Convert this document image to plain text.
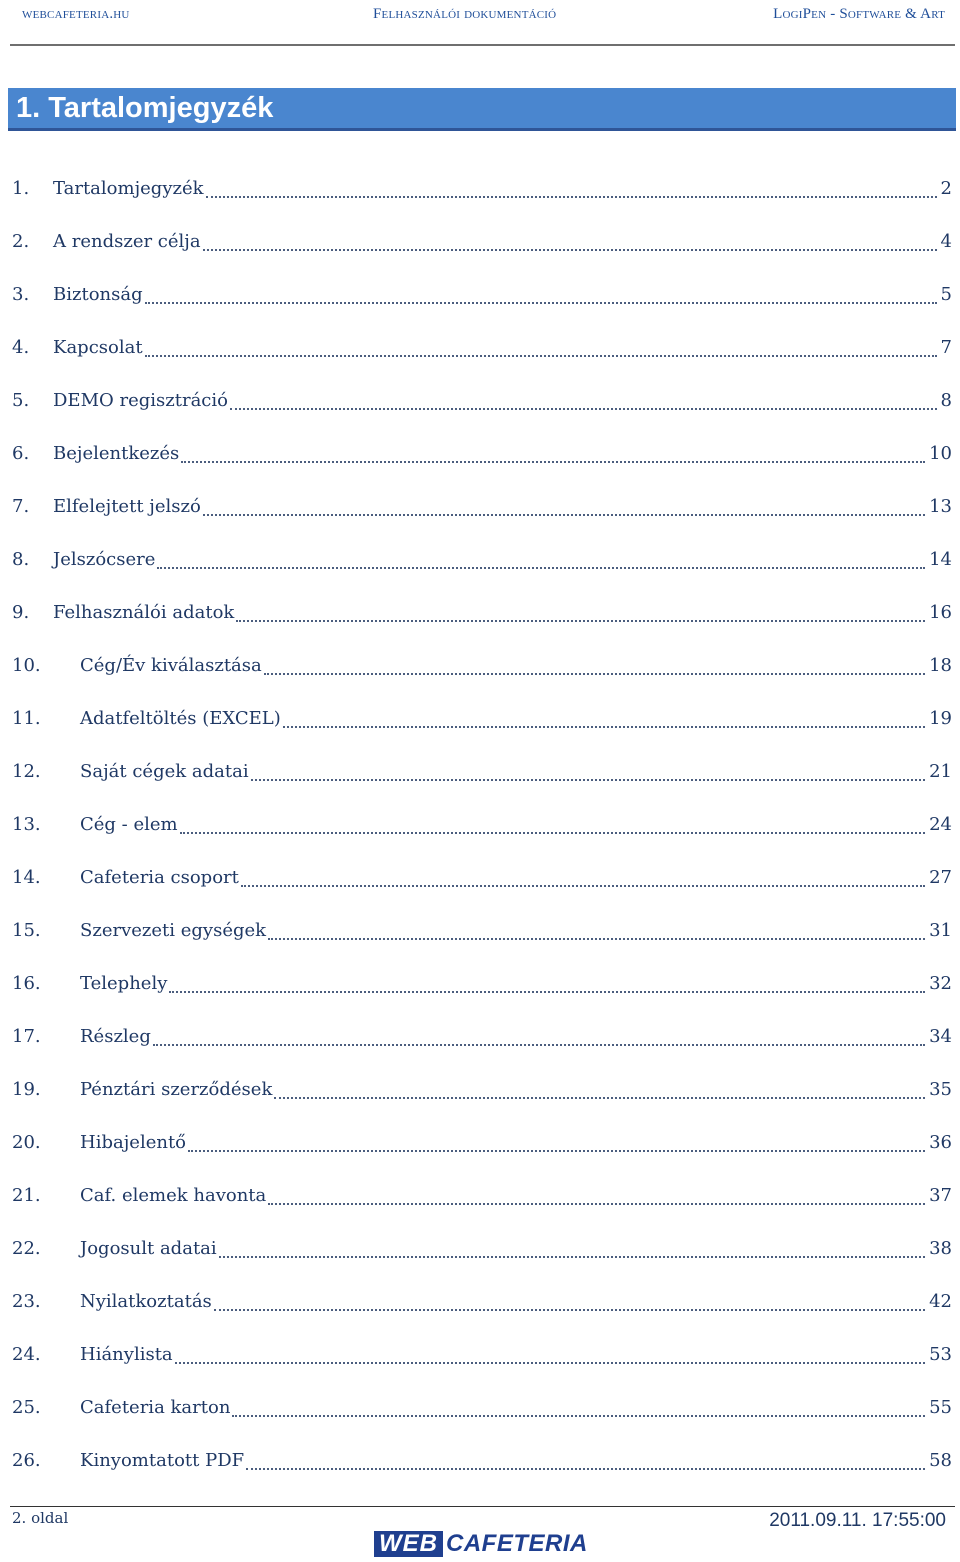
webcafeteria.hu	Felhasználói dokumentáció	LogiPen - Software & Art
1. Tartalomjegyzék
1.	Tartalomjegyzék	2
2.	A rendszer célja	4
3.	Biztonság	5
4.	Kapcsolat	7
5.	DEMO regisztráció	8
6.	Bejelentkezés	10
7.	Elfelejtett jelszó	13
8.	Jelszócsere	14
9.	Felhasználói adatok	16
10.	Cég/Év kiválasztása	18
11.	Adatfeltöltés (EXCEL)	19
12.	Saját cégek adatai	21
13.	Cég - elem	24
14.	Cafeteria csoport	27
15.	Szervezeti egységek	31
16.	Telephely	32
17.	Részleg	34
19.	Pénztári szerződések	35
20.	Hibajelentő	36
21.	Caf. elemek havonta	37
22.	Jogosult adatai	38
23.	Nyilatkoztatás	42
24.	Hiánylista	53
25.	Cafeteria karton	55
26.	Kinyomtatott PDF	58
2. oldal	2011.09.11. 17:55:00
WEB CAFETERIA
